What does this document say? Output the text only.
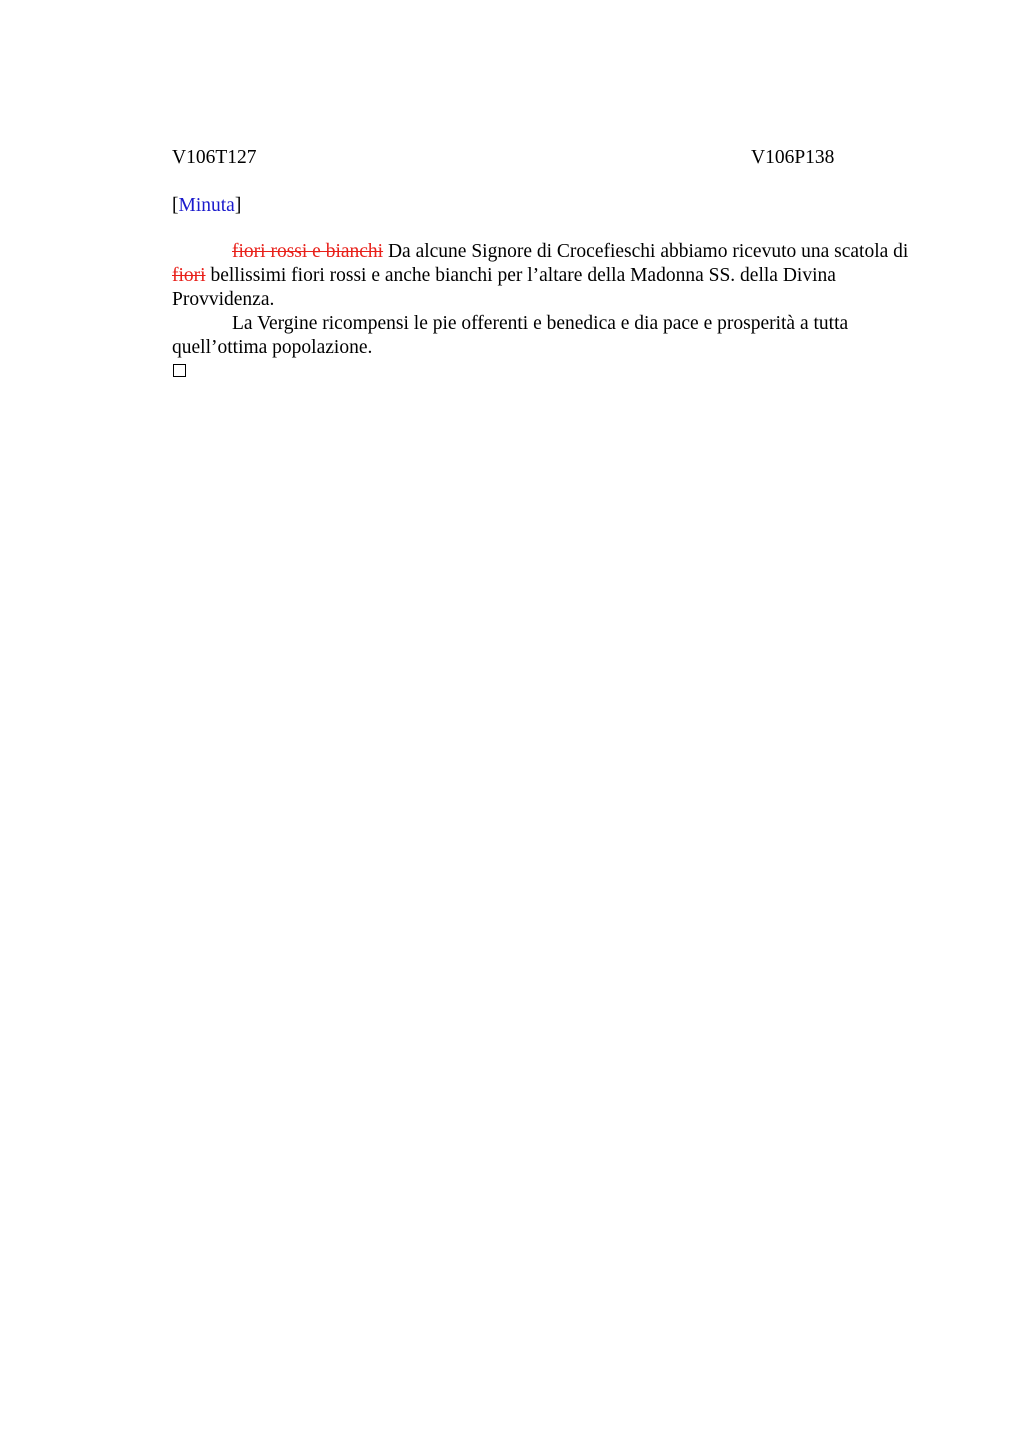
V106T127	V106P138
[Minuta]

fiori rossi e bianchi Da alcune Signore di Crocefieschi abbiamo ricevuto una scatola di fiori bellissimi fiori rossi e anche bianchi per l’altare della Madonna SS. della Divina Provvidenza.

La Vergine ricompensi le pie offerenti e benedica e dia pace e prosperità a tutta quell’ottima popolazione.
